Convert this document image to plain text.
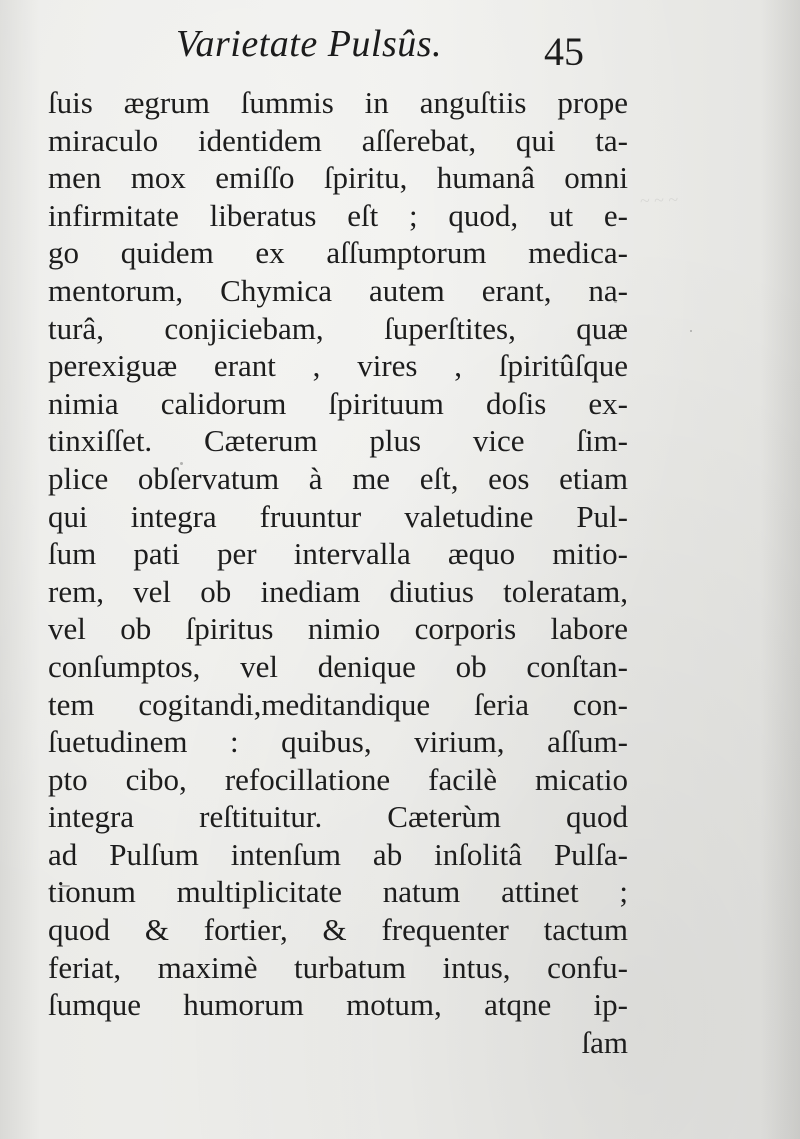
~ ~ ~
Varietate Pulsûs.	45
ſuis ægrum ſummis in anguſtiis prope
miraculo identidem aſſerebat, qui ta-
men mox emiſſo ſpiritu, humanâ omni
infirmitate liberatus eſt ; quod, ut e-
go quidem ex aſſumptorum medica-
mentorum, Chymica autem erant, na-
turâ, conjiciebam, ſuperſtites, quæ
perexiguæ erant , vires , ſpiritûſque
nimia calidorum ſpirituum doſis ex-
tinxiſſet. Cæterum plus vice ſim-
plice obſervatum à me eſt, eos etiam
qui integra fruuntur valetudine Pul-
ſum pati per intervalla æquo mitio-
rem, vel ob inediam diutius toleratam,
vel ob ſpiritus nimio corporis labore
conſumptos, vel denique ob conſtan-
tem cogitandi,meditandique ſeria con-
ſuetudinem : quibus, virium, aſſum-
pto cibo, refocillatione facilè micatio
integra reſtituitur. Cæterùm quod
ad Pulſum intenſum ab inſolitâ Pulſa-
tionum multiplicitate natum attinet ;
quod & fortier, & frequenter tactum
feriat, maximè turbatum intus, confu-
ſumque humorum motum, atqne ip-
ſam
